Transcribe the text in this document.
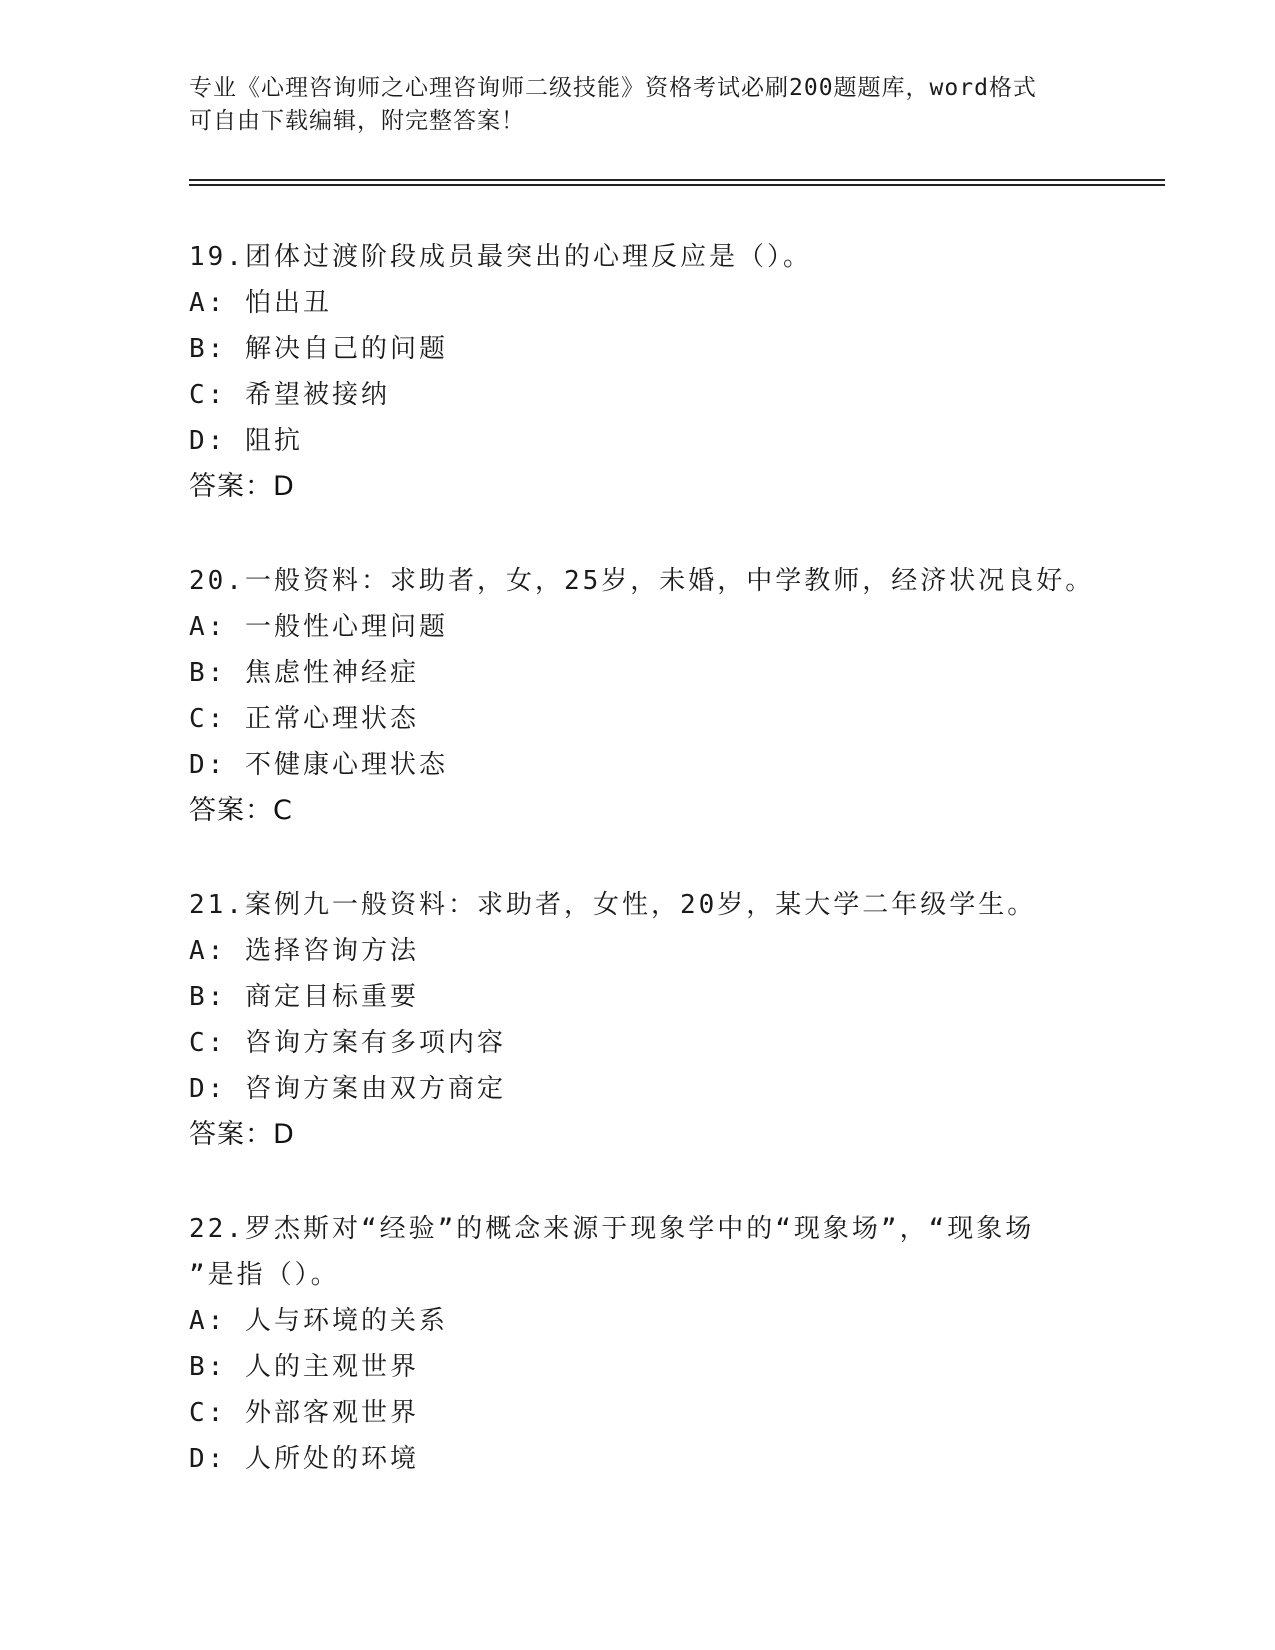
专业《心理咨询师之心理咨询师二级技能》资格考试必刷200题题库，word格式
可自由下载编辑，附完整答案！
19.团体过渡阶段成员最突出的心理反应是（）。
A: 怕出丑
B: 解决自己的问题
C: 希望被接纳
D: 阻抗
答案：D
20.一般资料：求助者，女，25岁，未婚，中学教师，经济状况良好。
A: 一般性心理问题
B: 焦虑性神经症
C: 正常心理状态
D: 不健康心理状态
答案：C
21.案例九一般资料：求助者，女性，20岁，某大学二年级学生。
A: 选择咨询方法
B: 商定目标重要
C: 咨询方案有多项内容
D: 咨询方案由双方商定
答案：D
22.罗杰斯对“经验”的概念来源于现象学中的“现象场”，“现象场
”是指（）。
A: 人与环境的关系
B: 人的主观世界
C: 外部客观世界
D: 人所处的环境
